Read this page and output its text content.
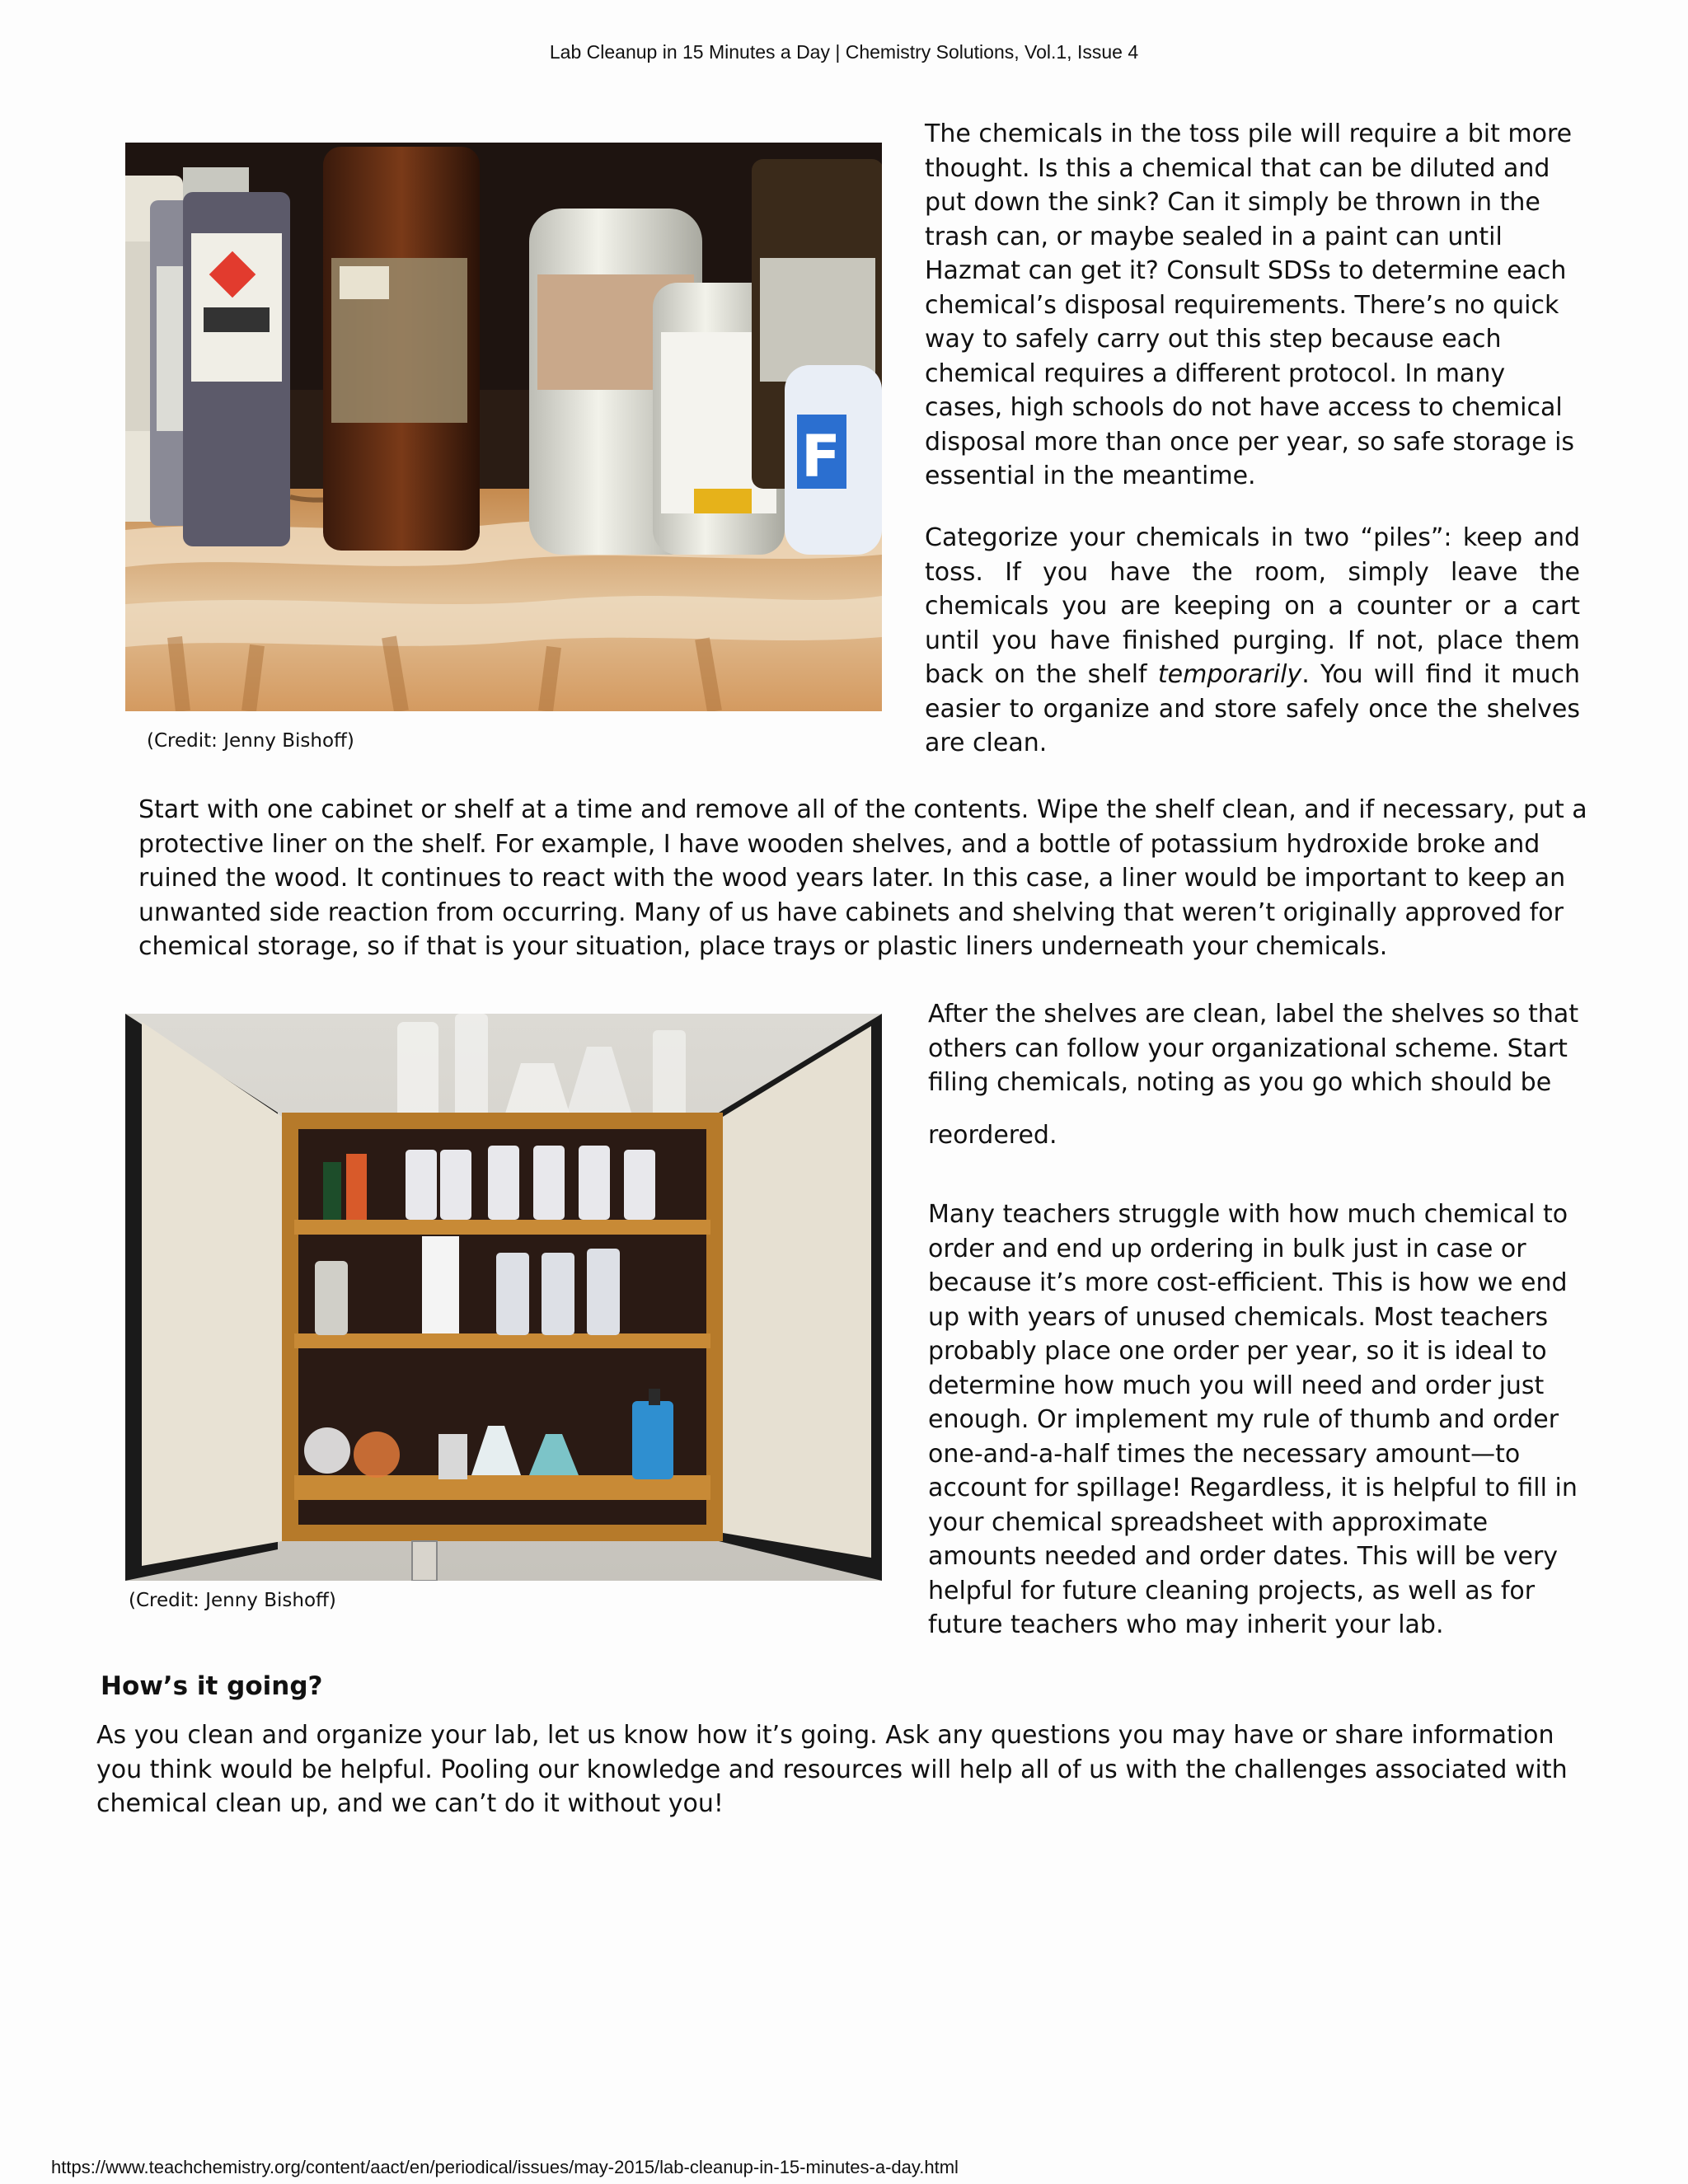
Lab Cleanup in 15 Minutes a Day | Chemistry Solutions, Vol.1, Issue 4
F
(Credit: Jenny Bishoff)

The chemicals in the toss pile will require a bit more thought. Is this a chemical that can be diluted and put down the sink? Can it simply be thrown in the trash can, or maybe sealed in a paint can until Hazmat can get it? Consult SDSs to determine each chemical’s disposal requirements. There’s no quick way to safely carry out this step because each chemical requires a different protocol. In many cases, high schools do not have access to chemical disposal more than once per year, so safe storage is essential in the meantime.

Categorize your chemicals in two “piles”: keep and toss. If you have the room, simply leave the chemicals you are keeping on a counter or a cart until you have finished purging. If not, place them back on the shelf temporarily. You will find it much easier to organize and store safely once the shelves are clean.

Start with one cabinet or shelf at a time and remove all of the contents. Wipe the shelf clean, and if necessary, put a protective liner on the shelf. For example, I have wooden shelves, and a bottle of potassium hydroxide broke and ruined the wood. It continues to react with the wood years later. In this case, a liner would be important to keep an unwanted side reaction from occurring. Many of us have cabinets and shelving that weren’t originally approved for chemical storage, so if that is your situation, place trays or plastic liners underneath your chemicals.

(Credit: Jenny Bishoff)

After the shelves are clean, label the shelves so that others can follow your organizational scheme. Start filing chemicals, noting as you go which should be

reordered.

Many teachers struggle with how much chemical to order and end up ordering in bulk just in case or because it’s more cost-efficient. This is how we end up with years of unused chemicals. Most teachers probably place one order per year, so it is ideal to determine how much you will need and order just enough. Or implement my rule of thumb and order one-and-a-half times the necessary amount—to account for spillage! Regardless, it is helpful to fill in your chemical spreadsheet with approximate amounts needed and order dates. This will be very helpful for future cleaning projects, as well as for future teachers who may inherit your lab.

How’s it going?

As you clean and organize your lab, let us know how it’s going. Ask any questions you may have or share information you think would be helpful. Pooling our knowledge and resources will help all of us with the challenges associated with chemical clean up, and we can’t do it without you!

https://www.teachchemistry.org/content/aact/en/periodical/issues/may-2015/lab-cleanup-in-15-minutes-a-day.html
